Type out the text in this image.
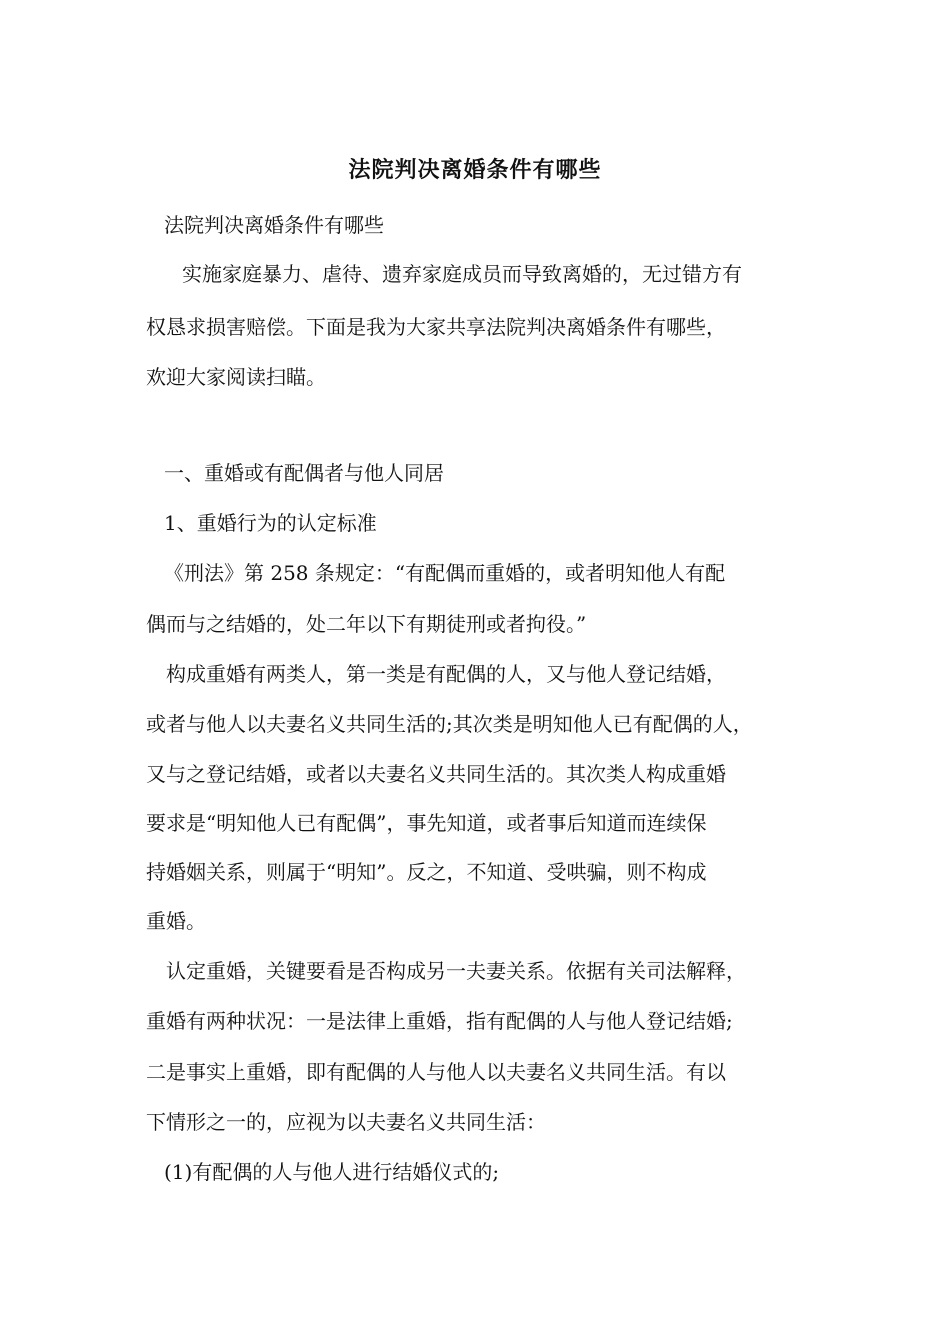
法院判决离婚条件有哪些
法院判决离婚条件有哪些
实施家庭暴力、虐待、遗弃家庭成员而导致离婚的，无过错方有
权恳求损害赔偿。下面是我为大家共享法院判决离婚条件有哪些，
欢迎大家阅读扫瞄。
一、重婚或有配偶者与他人同居
1、重婚行为的认定标准
《刑法》第 258 条规定：“有配偶而重婚的，或者明知他人有配
偶而与之结婚的，处二年以下有期徒刑或者拘役。”
构成重婚有两类人，第一类是有配偶的人，又与他人登记结婚，
或者与他人以夫妻名义共同生活的;其次类是明知他人已有配偶的人，
又与之登记结婚，或者以夫妻名义共同生活的。其次类人构成重婚
要求是“明知他人已有配偶”，事先知道，或者事后知道而连续保
持婚姻关系，则属于“明知”。反之，不知道、受哄骗，则不构成
重婚。
认定重婚，关键要看是否构成另一夫妻关系。依据有关司法解释，
重婚有两种状况：一是法律上重婚，指有配偶的人与他人登记结婚;
二是事实上重婚，即有配偶的人与他人以夫妻名义共同生活。有以
下情形之一的，应视为以夫妻名义共同生活：
(1)有配偶的人与他人进行结婚仪式的;
